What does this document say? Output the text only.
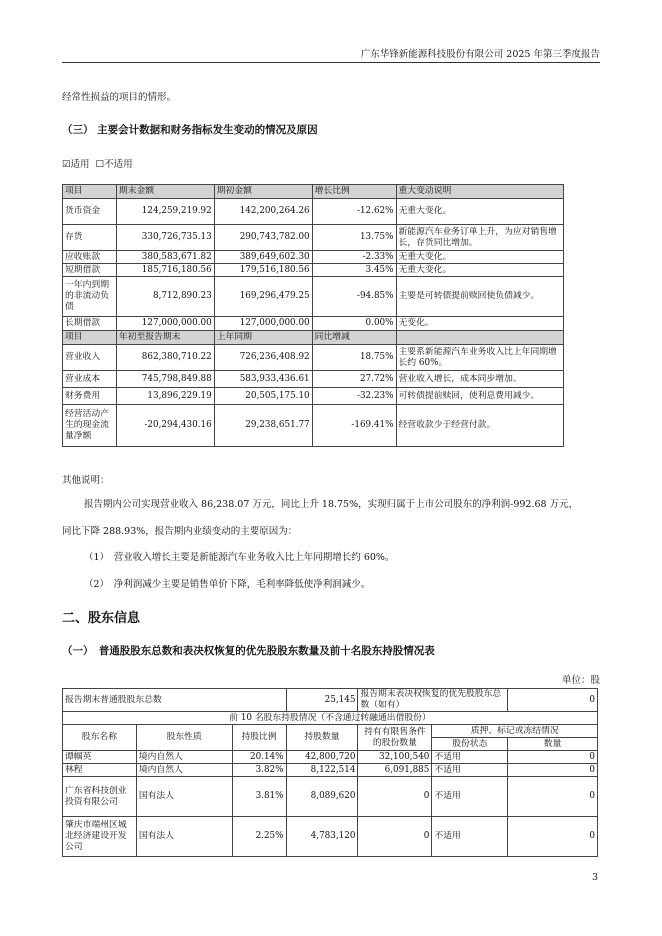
广东华锋新能源科技股份有限公司 2025 年第三季度报告
经常性损益的项目的情形。
（三） 主要会计数据和财务指标发生变动的情况及原因
☑适用 ☐不适用
项目	期末金额	期初金额	增长比例	重大变动说明
货币资金	124,259,219.92	142,200,264.26	-12.62%	无重大变化。
存货	330,726,735.13	290,743,782.00	13.75%	新能源汽车业务订单上升，为应对销售增长，存货同比增加。
应收账款	380,583,671.82	389,649,602.30	-2.33%	无重大变化。
短期借款	185,716,180.56	179,516,180.56	3.45%	无重大变化。
一年内到期的非流动负债	8,712,890.23	169,296,479.25	-94.85%	主要是可转债提前赎回使负债减少。
长期借款	127,000,000.00	127,000,000.00	0.00%	无变化。
项目	年初至报告期末	上年同期	同比增减	
营业收入	862,380,710.22	726,236,408.92	18.75%	主要系新能源汽车业务收入比上年同期增长约 60%。
营业成本	745,798,849.88	583,933,436.61	27.72%	营业收入增长，成本同步增加。
财务费用	13,896,229.19	20,505,175.10	-32.23%	可转债提前赎回，使利息费用减少。
经营活动产生的现金流量净额	-20,294,430.16	29,238,651.77	-169.41%	经营收款少于经营付款。
其他说明：
报告期内公司实现营业收入 86,238.07 万元，同比上升 18.75%，实现归属于上市公司股东的净利润-992.68 万元，
同比下降 288.93%，报告期内业绩变动的主要原因为：
（1）　营业收入增长主要是新能源汽车业务收入比上年同期增长约 60%。
（2）　净利润减少主要是销售单价下降，毛利率降低使净利润减少。
二、股东信息
（一）　普通股股东总数和表决权恢复的优先股股东数量及前十名股东持股情况表
单位：股
报告期末普通股股东总数			25,145	报告期末表决权恢复的优先股股东总数（如有）		0
前 10 名股东持股情况（不含通过转融通出借股份）						
股东名称	股东性质	持股比例	持股数量	持有有限售条件的股份数量	质押、标记或冻结情况	
					股份状态	数量
谭帼英	境内自然人	20.14%	42,800,720	32,100,540	不适用	0
林程	境内自然人	3.82%	8,122,514	6,091,885	不适用	0
广东省科技创业投资有限公司	国有法人	3.81%	8,089,620	0	不适用	0
肇庆市端州区城北经济建设开发公司	国有法人	2.25%	4,783,120	0	不适用	0
3
